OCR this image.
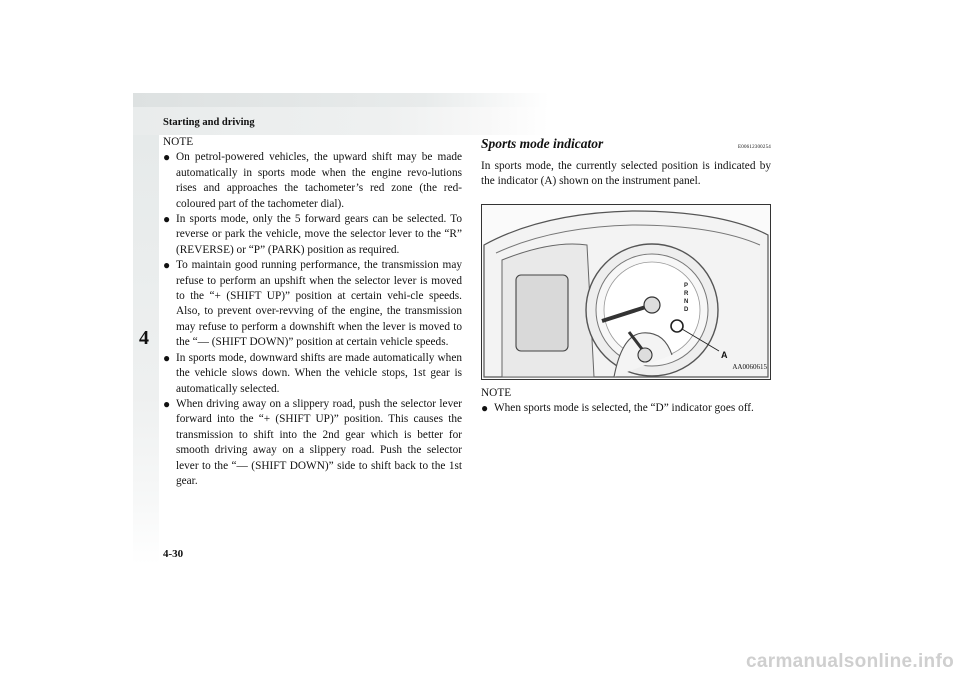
Starting and driving
4
4-30
NOTE
● On petrol-powered vehicles, the upward shift may be made automatically in sports mode when the engine revo-lutions rises and approaches the tachometer’s red zone (the red-coloured part of the tachometer dial).
● In sports mode, only the 5 forward gears can be selected. To reverse or park the vehicle, move the selector lever to the “R” (REVERSE) or “P” (PARK) position as required.
● To maintain good running performance, the transmission may refuse to perform an upshift when the selector lever is moved to the “+ (SHIFT UP)” position at certain vehi-cle speeds. Also, to prevent over-revving of the engine, the transmission may refuse to perform a downshift when the lever is moved to the “— (SHIFT DOWN)” position at certain vehicle speeds.
● In sports mode, downward shifts are made automatically when the vehicle slows down. When the vehicle stops, 1st gear is automatically selected.
● When driving away on a slippery road, push the selector lever forward into the “+ (SHIFT UP)” position. This causes the transmission to shift into the 2nd gear which is better for smooth driving away on a slippery road. Push the selector lever to the “— (SHIFT DOWN)” side to shift back to the 1st gear.
Sports mode indicator	E00612300254

In sports mode, the currently selected position is indicated by the indicator (A) shown on the instrument panel.

P
R
N
D
A
AA0060615
NOTE
● When sports mode is selected, the “D” indicator goes off.
carmanualsonline.info
